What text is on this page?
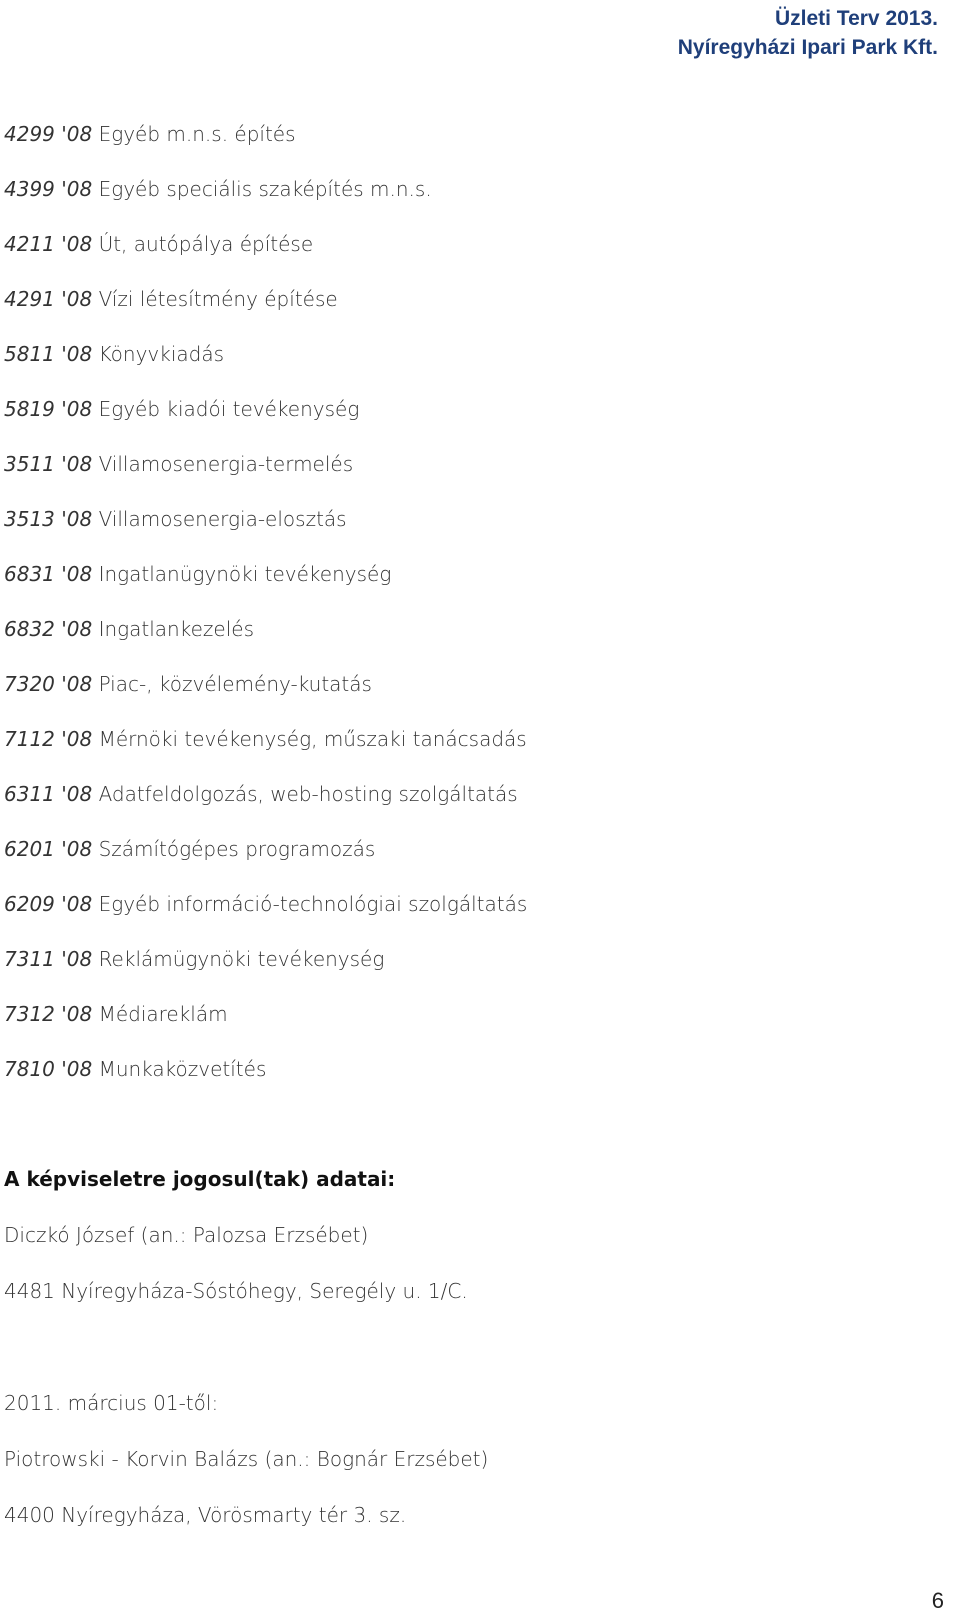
Üzleti Terv 2013.
Nyíregyházi Ipari Park Kft.
4299 '08 Egyéb m.n.s. építés
4399 '08 Egyéb speciális szaképítés m.n.s.
4211 '08 Út, autópálya építése
4291 '08 Vízi létesítmény építése
5811 '08 Könyvkiadás
5819 '08 Egyéb kiadói tevékenység
3511 '08 Villamosenergia-termelés
3513 '08 Villamosenergia-elosztás
6831 '08 Ingatlanügynöki tevékenység
6832 '08 Ingatlankezelés
7320 '08 Piac-, közvélemény-kutatás
7112 '08 Mérnöki tevékenység, műszaki tanácsadás
6311 '08 Adatfeldolgozás, web-hosting szolgáltatás
6201 '08 Számítógépes programozás
6209 '08 Egyéb információ-technológiai szolgáltatás
7311 '08 Reklámügynöki tevékenység
7312 '08 Médiareklám
7810 '08 Munkaközvetítés
A képviseletre jogosul(tak) adatai:
Diczkó József (an.: Palozsa Erzsébet)
4481 Nyíregyháza-Sóstóhegy, Seregély u. 1/C.
2011. március 01-től:
Piotrowski - Korvin Balázs (an.: Bognár Erzsébet)
4400 Nyíregyháza, Vörösmarty tér 3. sz.
6
